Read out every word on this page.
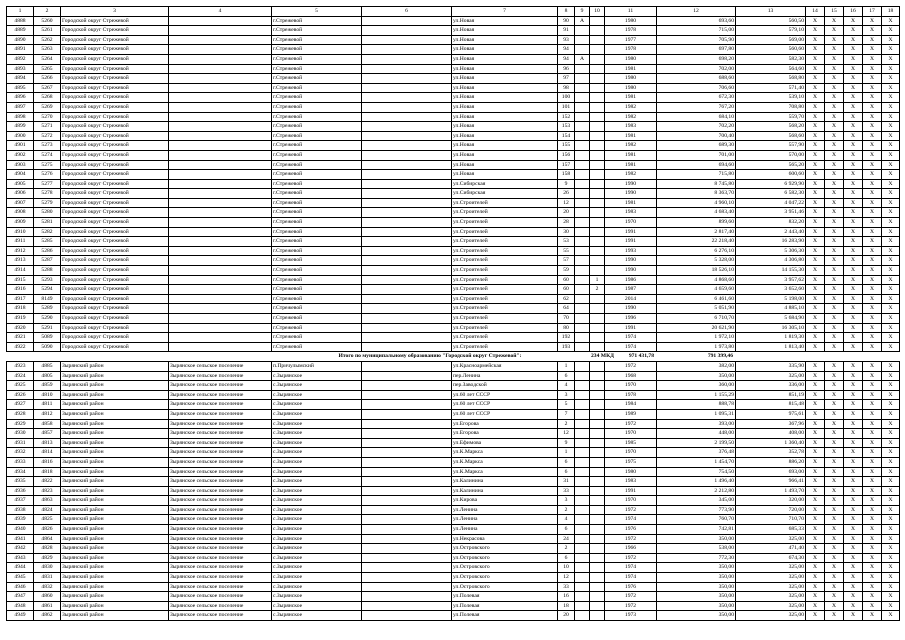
1	2	3	4	5	6	7	8	9	10	11	12	13	14	15	16	17	18
4888	5260	Городской округ Стрежевой		г.Стрежевой		ул.Новая	90	А		1980	693,60	560,50	X	X	X	X	X
4889	5261	Городской округ Стрежевой		г.Стрежевой		ул.Новая	91			1978	715,00	579,10	X	X	X	X	X
4890	5262	Городской округ Стрежевой		г.Стрежевой		ул.Новая	93			1977	705,90	569,00	X	X	X	X	X
4891	5263	Городской округ Стрежевой		г.Стрежевой		ул.Новая	94			1978	697,80	560,60	X	X	X	X	X
4892	5264	Городской округ Стрежевой		г.Стрежевой		ул.Новая	94	А		1980	698,20	582,30	X	X	X	X	X
4893	5265	Городской округ Стрежевой		г.Стрежевой		ул.Новая	96			1981	702,00	564,60	X	X	X	X	X
4894	5266	Городской округ Стрежевой		г.Стрежевой		ул.Новая	97			1980	688,60	568,80	X	X	X	X	X
4895	5267	Городской округ Стрежевой		г.Стрежевой		ул.Новая	98			1980	706,60	571,40	X	X	X	X	X
4896	5268	Городской округ Стрежевой		г.Стрежевой		ул.Новая	100			1981	672,30	539,10	X	X	X	X	X
4897	5269	Городской округ Стрежевой		г.Стрежевой		ул.Новая	101			1982	767,20	708,80	X	X	X	X	X
4898	5270	Городской округ Стрежевой		г.Стрежевой		ул.Новая	152			1982	684,10	559,70	X	X	X	X	X
4899	5271	Городской округ Стрежевой		г.Стрежевой		ул.Новая	153			1983	702,20	568,20	X	X	X	X	X
4900	5272	Городской округ Стрежевой		г.Стрежевой		ул.Новая	154			1981	700,40	568,60	X	X	X	X	X
4901	5273	Городской округ Стрежевой		г.Стрежевой		ул.Новая	155			1982	689,30	557,90	X	X	X	X	X
4902	5274	Городской округ Стрежевой		г.Стрежевой		ул.Новая	156			1981	701,00	570,00	X	X	X	X	X
4903	5275	Городской округ Стрежевой		г.Стрежевой		ул.Новая	157			1981	694,60	565,20	X	X	X	X	X
4904	5276	Городской округ Стрежевой		г.Стрежевой		ул.Новая	158			1982	715,80	600,60	X	X	X	X	X
4905	5277	Городской округ Стрежевой		г.Стрежевой		ул.Сибирская	9			1990	8 745,80	6 929,90	X	X	X	X	X
4906	5278	Городской округ Стрежевой		г.Стрежевой		ул.Сибирская	26			1990	8 363,70	6 582,30	X	X	X	X	X
4907	5279	Городской округ Стрежевой		г.Стрежевой		ул.Строителей	12			1981	4 960,10	4 047,22	X	X	X	X	X
4908	5280	Городской округ Стрежевой		г.Стрежевой		ул.Строителей	20			1983	4 683,40	3 951,46	X	X	X	X	X
4909	5281	Городской округ Стрежевой		г.Стрежевой		ул.Строителей	28			1970	899,60	832,20	X	X	X	X	X
4910	5282	Городской округ Стрежевой		г.Стрежевой		ул.Строителей	30			1991	2 817,40	2 443,40	X	X	X	X	X
4911	5285	Городской округ Стрежевой		г.Стрежевой		ул.Строителей	53			1991	22 218,40	16 283,90	X	X	X	X	X
4912	5286	Городской округ Стрежевой		г.Стрежевой		ул.Строителей	55			1993	6 276,10	5 306,30	X	X	X	X	X
4913	5287	Городской округ Стрежевой		г.Стрежевой		ул.Строителей	57			1990	5 328,00	4 306,80	X	X	X	X	X
4914	5288	Городской округ Стрежевой		г.Стрежевой		ул.Строителей	59			1990	18 526,10	14 155,30	X	X	X	X	X
4915	5293	Городской округ Стрежевой		г.Стрежевой		ул.Строителей	60		1	1986	4 868,60	3 957,62	X	X	X	X	X
4916	5294	Городской округ Стрежевой		г.Стрежевой		ул.Строителей	60		2	1987	4 659,60	3 652,60	X	X	X	X	X
4917	8149	Городской округ Стрежевой		г.Стрежевой		ул.Строителей	62			2014	6 461,60	5 198,00	X	X	X	X	X
4918	5289	Городской округ Стрежевой		г.Стрежевой		ул.Строителей	64			1990	5 051,90	4 885,10	X	X	X	X	X
4919	5290	Городской округ Стрежевой		г.Стрежевой		ул.Строителей	70			1996	6 710,70	5 684,90	X	X	X	X	X
4920	5291	Городской округ Стрежевой		г.Стрежевой		ул.Строителей	80			1991	20 621,90	16 305,10	X	X	X	X	X
4921	5089	Городской округ Стрежевой		г.Стрежевой		ул.Строителей	192			1974	1 972,10	1 819,30	X	X	X	X	X
4922	5090	Городской округ Стрежевой		г.Стрежевой		ул.Строителей	193			1974	1 973,80	1 813,40	X	X	X	X	X
				Итого по муниципальному образованию "Городской округ Стрежевой":					234 МКД	971 431,78	791 399,46						
4923	4885	Зырянский район	Зырянское сельское поселение	п.Причулымский		ул.Красноармейская	1			1972	382,00	335,90	X	X	X	X	X
4924	4805	Зырянский район	Зырянское сельское поселение	с.Зырянское		пер.Ленина	6			1968	350,00	325,00	X	X	X	X	X
4925	4859	Зырянский район	Зырянское сельское поселение	с.Зырянское		пер.Заводской	4			1970	360,00	336,00	X	X	X	X	X
4926	4810	Зырянский район	Зырянское сельское поселение	с.Зырянское		ул.60 лет СССР	3			1978	1 155,29	851,19	X	X	X	X	X
4927	4811	Зырянский район	Зырянское сельское поселение	с.Зырянское		ул.60 лет СССР	5			1984	888,78	815,48	X	X	X	X	X
4928	4812	Зырянский район	Зырянское сельское поселение	с.Зырянское		ул.60 лет СССР	7			1989	1 095,31	975,61	X	X	X	X	X
4929	4858	Зырянский район	Зырянское сельское поселение	с.Зырянское		ул.Егорова	2			1972	393,00	367,96	X	X	X	X	X
4930	4857	Зырянский район	Зырянское сельское поселение	с.Зырянское		ул.Егорова	12			1970	448,00	408,00	X	X	X	X	X
4931	4813	Зырянский район	Зырянское сельское поселение	с.Зырянское		ул.Ефимова	9			1985	2 199,50	1 360,40	X	X	X	X	X
4932	4814	Зырянский район	Зырянское сельское поселение	с.Зырянское		ул.К.Маркса	1			1970	376,48	352,78	X	X	X	X	X
4933	4816	Зырянский район	Зырянское сельское поселение	с.Зырянское		ул.К.Маркса	6			1975	1 454,70	886,20	X	X	X	X	X
4934	4818	Зырянский район	Зырянское сельское поселение	с.Зырянское		ул.К.Маркса	6			1980	754,50	693,00	X	X	X	X	X
4935	4822	Зырянский район	Зырянское сельское поселение	с.Зырянское		ул.Калинина	31			1983	1 496,40	966,41	X	X	X	X	X
4936	4823	Зырянский район	Зырянское сельское поселение	с.Зырянское		ул.Калинина	33			1991	2 212,80	1 493,70	X	X	X	X	X
4937	4863	Зырянский район	Зырянское сельское поселение	с.Зырянское		ул.Кирова	3			1970	345,00	320,00	X	X	X	X	X
4938	4824	Зырянский район	Зырянское сельское поселение	с.Зырянское		ул.Ленина	2			1972	773,90	720,00	X	X	X	X	X
4939	4825	Зырянский район	Зырянское сельское поселение	с.Зырянское		ул.Ленина	4			1974	760,70	710,70	X	X	X	X	X
4940	4826	Зырянский район	Зырянское сельское поселение	с.Зырянское		ул.Ленина	6			1976	742,81	685,33	X	X	X	X	X
4941	4864	Зырянский район	Зырянское сельское поселение	с.Зырянское		ул.Некрасова	24			1972	350,00	325,00	X	X	X	X	X
4942	4828	Зырянский район	Зырянское сельское поселение	с.Зырянское		ул.Островского	2			1966	538,00	471,40	X	X	X	X	X
4943	4829	Зырянский район	Зырянское сельское поселение	с.Зырянское		ул.Островского	6			1972	772,30	674,30	X	X	X	X	X
4944	4830	Зырянский район	Зырянское сельское поселение	с.Зырянское		ул.Островского	10			1974	350,00	325,00	X	X	X	X	X
4945	4831	Зырянский район	Зырянское сельское поселение	с.Зырянское		ул.Островского	12			1974	350,00	325,00	X	X	X	X	X
4946	4832	Зырянский район	Зырянское сельское поселение	с.Зырянское		ул.Островского	33			1976	350,00	325,00	X	X	X	X	X
4947	4860	Зырянский район	Зырянское сельское поселение	с.Зырянское		ул.Полевая	16			1972	350,00	325,00	X	X	X	X	X
4948	4861	Зырянский район	Зырянское сельское поселение	с.Зырянское		ул.Полевая	18			1972	350,00	325,00	X	X	X	X	X
4949	4862	Зырянский район	Зырянское сельское поселение	с.Зырянское		ул.Полевая	20			1973	350,00	325,00	X	X	X	X	X
